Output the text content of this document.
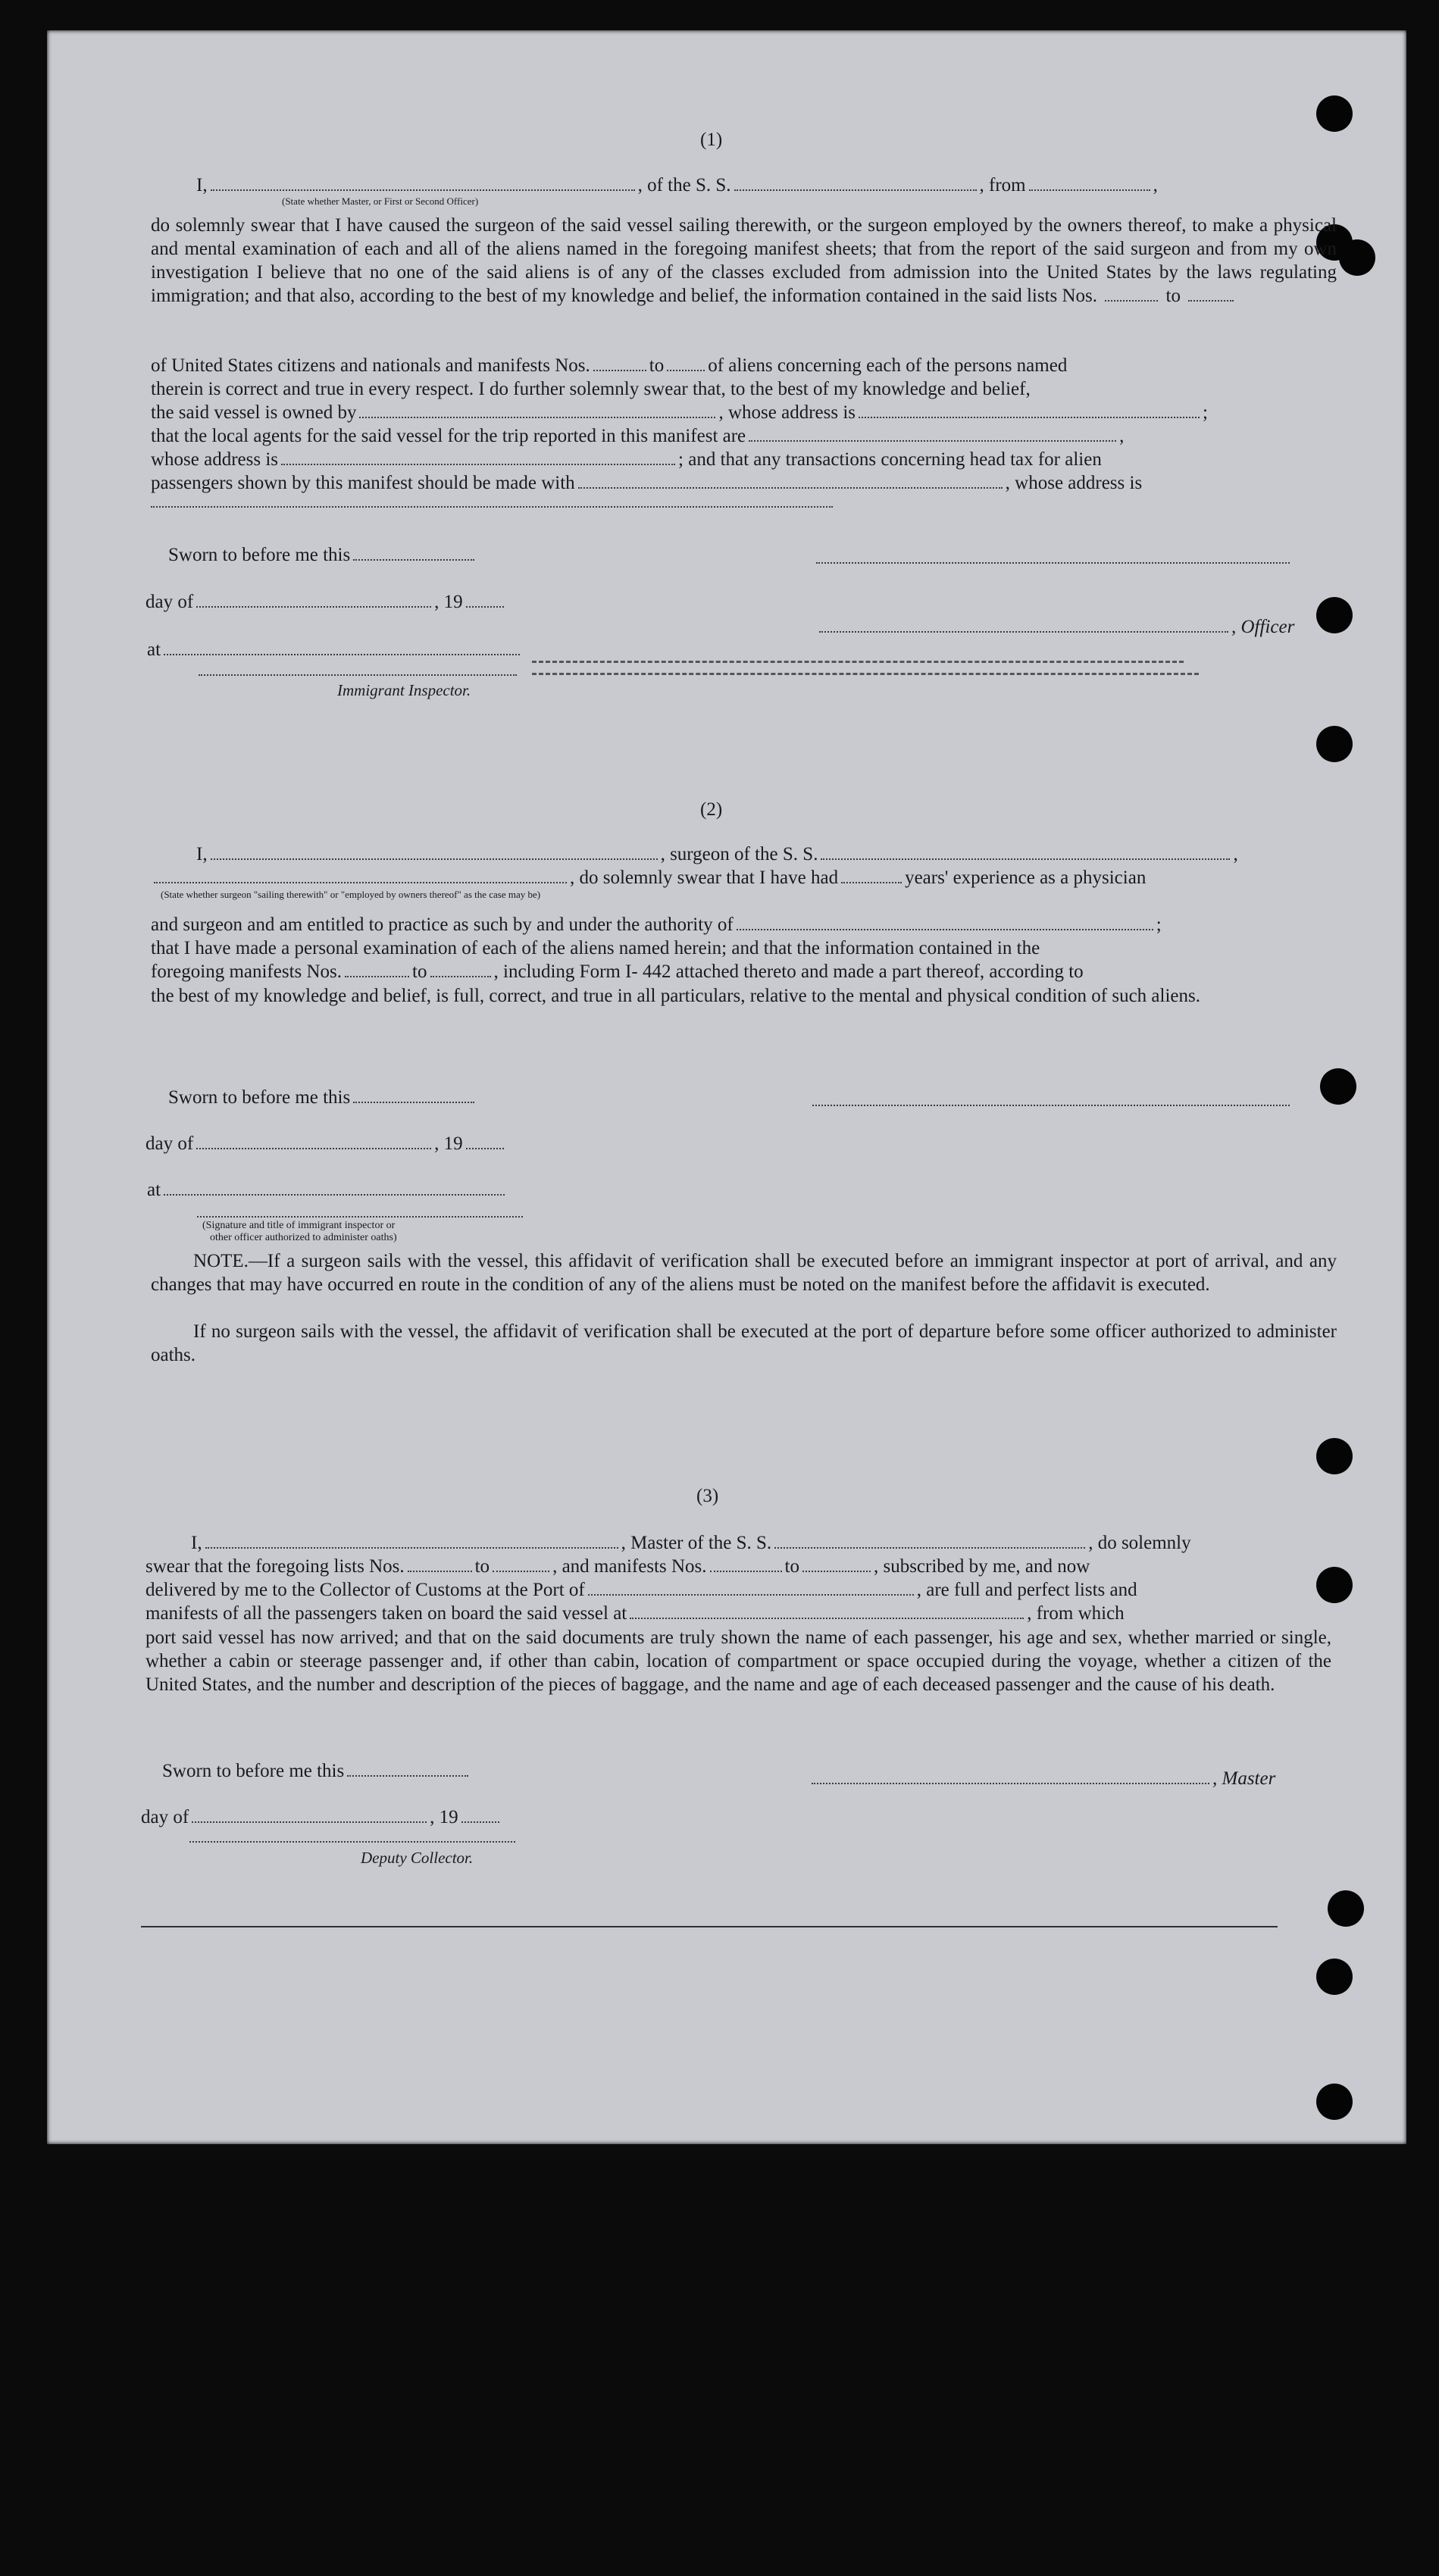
(1)
I,	, of the S. S.	, from	,
(State whether Master, or First or Second Officer)
do solemnly swear that I have caused the surgeon of the said vessel sailing therewith, or the surgeon employed by the owners thereof, to make a physical and mental examination of each and all of the aliens named in the foregoing manifest sheets; that from the report of the said surgeon and from my own investigation I believe that no one of the said aliens is of any of the classes excluded from admission into the United States by the laws regulating immigration; and that also, according to the best of my knowledge and belief, the information contained in the said lists Nos.	to
of United States citizens and nationals and manifests Nos.	to of aliens concerning each of the persons named
therein is correct and true in every respect. I do further solemnly swear that, to the best of my knowledge and belief,
the said vessel is owned by	, whose address is	;
that the local agents for the said vessel for the trip reported in this manifest are	,
whose address is	; and that any transactions concerning head tax for alien
passengers shown by this manifest should be made with	, whose address is
Sworn to before me this
day of	, 19
, Officer
at
Immigrant Inspector.
(2)
I,	, surgeon of the S. S.	,
, do solemnly swear that I have had	years' experience as a physician
(State whether surgeon "sailing therewith" or "employed by owners thereof" as the case may be)
and surgeon and am entitled to practice as such by and under the authority of	;
that I have made a personal examination of each of the aliens named herein; and that the information contained in the
foregoing manifests Nos.	to	, including Form I- 442 attached thereto and made a part thereof, according to
the best of my knowledge and belief, is full, correct, and true in all particulars, relative to the mental and physical condition of such aliens.
Sworn to before me this
day of	, 19
at
(Signature and title of immigrant inspector or
other officer authorized to administer oaths)
NOTE.—If a surgeon sails with the vessel, this affidavit of verification shall be executed before an immigrant inspector at port of arrival, and any changes that may have occurred en route in the condition of any of the aliens must be noted on the manifest before the affidavit is executed.
If no surgeon sails with the vessel, the affidavit of verification shall be executed at the port of departure before some officer authorized to administer oaths.
(3)
I,	, Master of the S. S.	, do solemnly
swear that the foregoing lists Nos.	to	, and manifests Nos.	to	, subscribed by me, and now
delivered by me to the Collector of Customs at the Port of	, are full and perfect lists and
manifests of all the passengers taken on board the said vessel at	, from which
port said vessel has now arrived; and that on the said documents are truly shown the name of each passenger, his age and sex, whether married or single, whether a cabin or steerage passenger and, if other than cabin, location of compartment or space occupied during the voyage, whether a citizen of the United States, and the number and description of the pieces of baggage, and the name and age of each deceased passenger and the cause of his death.
Sworn to before me this	, Master
day of	, 19
Deputy Collector.
